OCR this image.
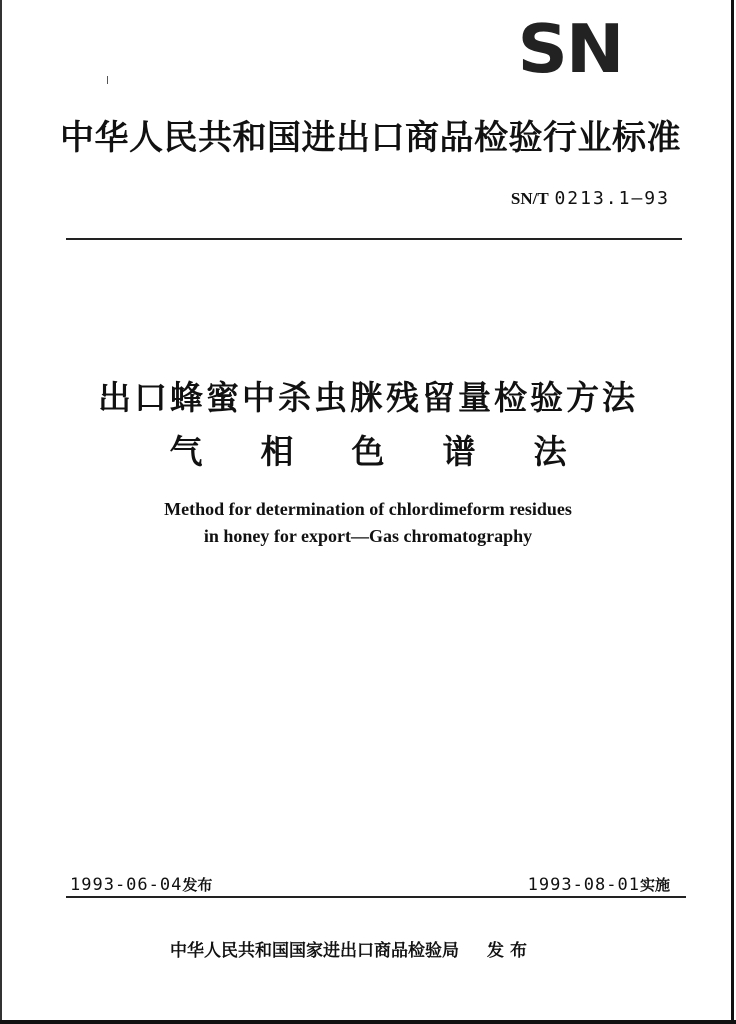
SN
中华人民共和国进出口商品检验行业标准
SN/T 0213.1—93
出口蜂蜜中杀虫脒残留量检验方法
气相色谱法
Method for determination of chlordimeform residues
in honey for export—Gas chromatography
1993-06-04发布	1993-08-01实施
中华人民共和国国家进出口商品检验局 发布
